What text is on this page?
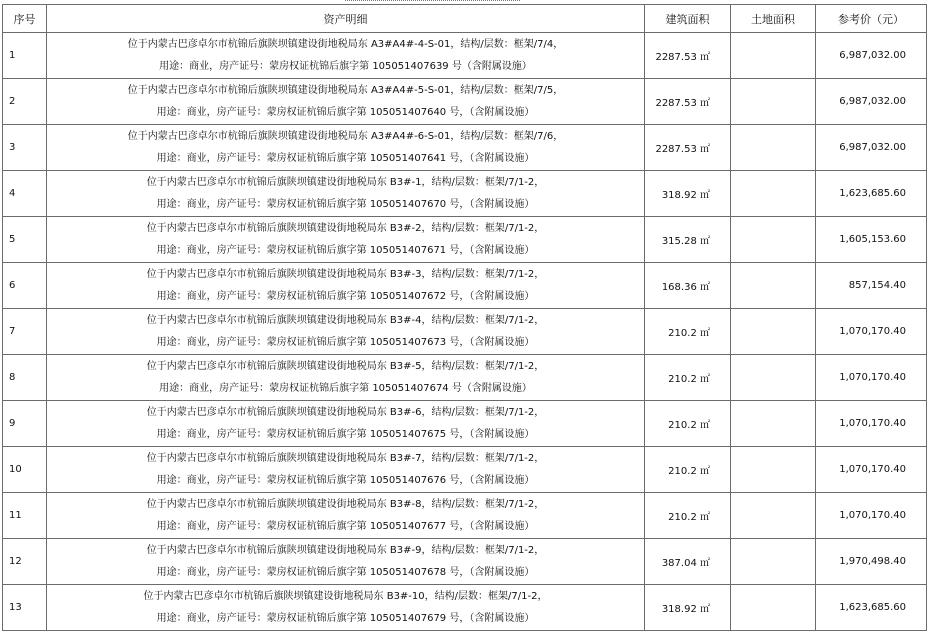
序号	资产明细	建筑面积	土地面积	参考价（元）
1	位于内蒙古巴彦卓尔市杭锦后旗陕坝镇建设街地税局东 A3#A4#-4-S-01，结构/层数：框架/7/4，
用途：商业，房产证号：蒙房权证杭锦后旗字第 105051407639 号（含附属设施）	2287.53 ㎡		6,987,032.00
2	位于内蒙古巴彦卓尔市杭锦后旗陕坝镇建设街地税局东 A3#A4#-5-S-01，结构/层数：框架/7/5，
用途：商业，房产证号：蒙房权证杭锦后旗字第 105051407640 号，（含附属设施）	2287.53 ㎡		6,987,032.00
3	位于内蒙古巴彦卓尔市杭锦后旗陕坝镇建设街地税局东 A3#A4#-6-S-01，结构/层数：框架/7/6，
用途：商业，房产证号：蒙房权证杭锦后旗字第 105051407641 号，（含附属设施）	2287.53 ㎡		6,987,032.00
4	位于内蒙古巴彦卓尔市杭锦后旗陕坝镇建设街地税局东 B3#-1，结构/层数：框架/7/1-2，
用途：商业，房产证号：蒙房权证杭锦后旗字第 105051407670 号，（含附属设施）	318.92 ㎡		1,623,685.60
5	位于内蒙古巴彦卓尔市杭锦后旗陕坝镇建设街地税局东 B3#-2，结构/层数：框架/7/1-2，
用途：商业，房产证号：蒙房权证杭锦后旗字第 105051407671 号，（含附属设施）	315.28 ㎡		1,605,153.60
6	位于内蒙古巴彦卓尔市杭锦后旗陕坝镇建设街地税局东 B3#-3，结构/层数：框架/7/1-2，
用途：商业，房产证号：蒙房权证杭锦后旗字第 105051407672 号，（含附属设施）	168.36 ㎡		857,154.40
7	位于内蒙古巴彦卓尔市杭锦后旗陕坝镇建设街地税局东 B3#-4，结构/层数：框架/7/1-2，
用途：商业，房产证号：蒙房权证杭锦后旗字第 105051407673 号，（含附属设施）	210.2 ㎡		1,070,170.40
8	位于内蒙古巴彦卓尔市杭锦后旗陕坝镇建设街地税局东 B3#-5，结构/层数：框架/7/1-2，
用途：商业，房产证号：蒙房权证杭锦后旗字第 105051407674 号（含附属设施）	210.2 ㎡		1,070,170.40
9	位于内蒙古巴彦卓尔市杭锦后旗陕坝镇建设街地税局东 B3#-6，结构/层数：框架/7/1-2，
用途：商业，房产证号：蒙房权证杭锦后旗字第 105051407675 号，（含附属设施）	210.2 ㎡		1,070,170.40
10	位于内蒙古巴彦卓尔市杭锦后旗陕坝镇建设街地税局东 B3#-7，结构/层数：框架/7/1-2，
用途：商业，房产证号：蒙房权证杭锦后旗字第 105051407676 号，（含附属设施）	210.2 ㎡		1,070,170.40
11	位于内蒙古巴彦卓尔市杭锦后旗陕坝镇建设街地税局东 B3#-8，结构/层数：框架/7/1-2，
用途：商业，房产证号：蒙房权证杭锦后旗字第 105051407677 号，（含附属设施）	210.2 ㎡		1,070,170.40
12	位于内蒙古巴彦卓尔市杭锦后旗陕坝镇建设街地税局东 B3#-9，结构/层数：框架/7/1-2，
用途：商业，房产证号：蒙房权证杭锦后旗字第 105051407678 号，（含附属设施）	387.04 ㎡		1,970,498.40
13	位于内蒙古巴彦卓尔市杭锦后旗陕坝镇建设街地税局东 B3#-10，结构/层数：框架/7/1-2，
用途：商业，房产证号：蒙房权证杭锦后旗字第 105051407679 号，（含附属设施）	318.92 ㎡		1,623,685.60
